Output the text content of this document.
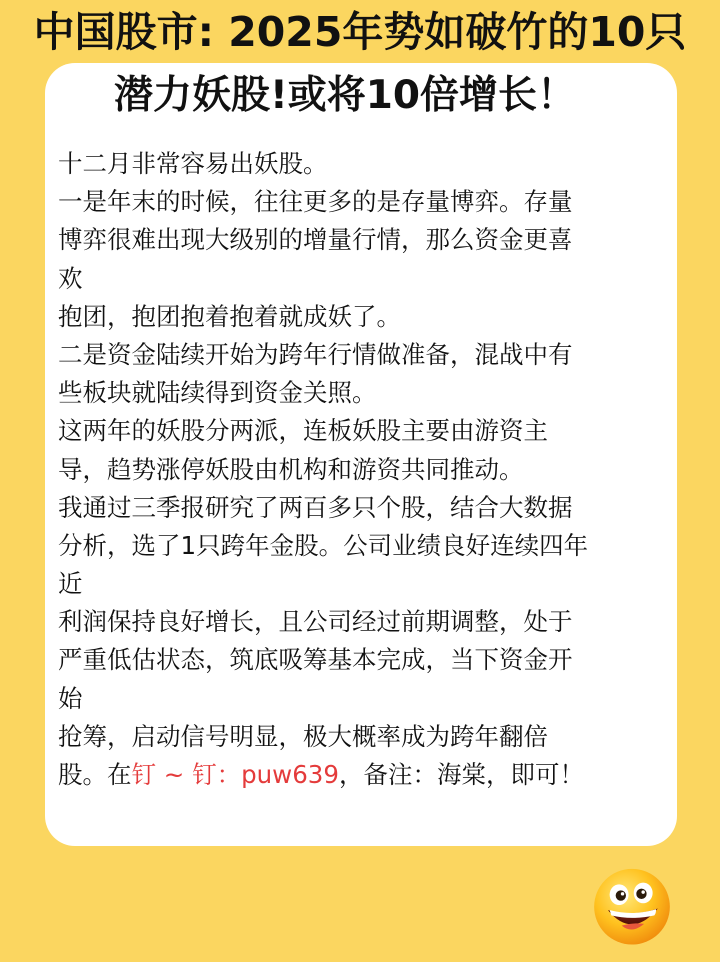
中国股市: 2025年势如破竹的10只
潜力妖股!或将10倍增长！
十二月非常容易出妖股。
一是年末的时候，往往更多的是存量博弈。存量
博弈很难出现大级别的增量行情，那么资金更喜
欢
抱团，抱团抱着抱着就成妖了。
二是资金陆续开始为跨年行情做准备，混战中有
些板块就陆续得到资金关照。
这两年的妖股分两派，连板妖股主要由游资主
导，趋势涨停妖股由机构和游资共同推动。
我通过三季报研究了两百多只个股，结合大数据
分析，选了1只跨年金股。公司业绩良好连续四年
近
利润保持良好增长，且公司经过前期调整，处于
严重低估状态，筑底吸筹基本完成，当下资金开
始
抢筹，启动信号明显，极大概率成为跨年翻倍
股。在钉 ~ 钉：puw639，备注：海棠，即可！
